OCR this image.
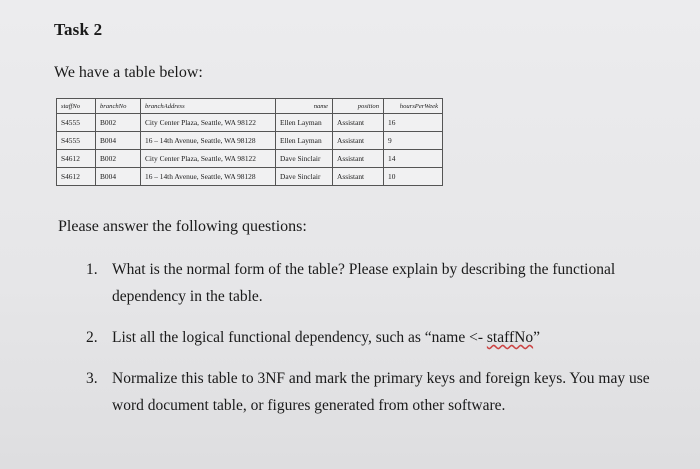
Task 2
We have a table below:
staffNo	branchNo	branchAddress	name	position	hoursPerWeek
S4555	B002	City Center Plaza, Seattle, WA 98122	Ellen Layman	Assistant	16
S4555	B004	16 – 14th Avenue, Seattle, WA 98128	Ellen Layman	Assistant	9
S4612	B002	City Center Plaza, Seattle, WA 98122	Dave Sinclair	Assistant	14
S4612	B004	16 – 14th Avenue, Seattle, WA 98128	Dave Sinclair	Assistant	10
Please answer the following questions:
1. What is the normal form of the table? Please explain by describing the functional dependency in the table.
2. List all the logical functional dependency, such as “name <- staffNo”
3. Normalize this table to 3NF and mark the primary keys and foreign keys. You may use word document table, or figures generated from other software.
